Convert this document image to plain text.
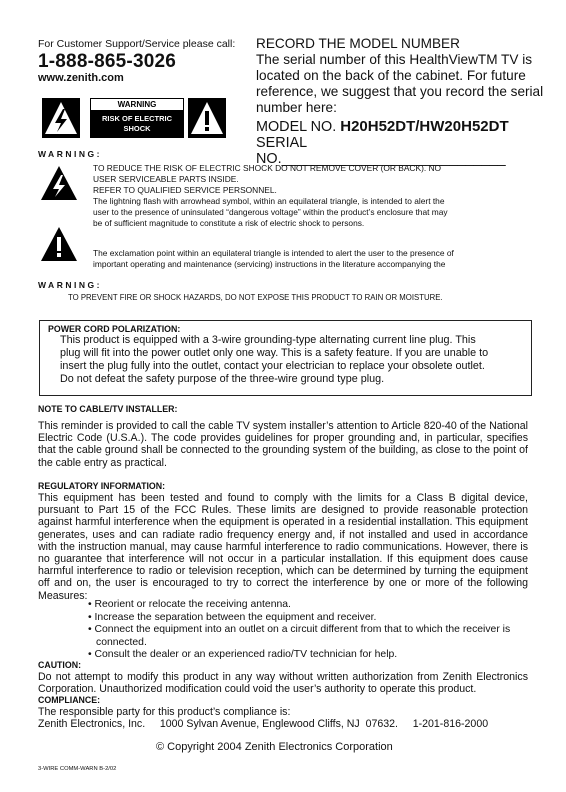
For Customer Support/Service please call:
1-888-865-3026
www.zenith.com
WARNING
RISK OF ELECTRIC
SHOCK
RECORD THE MODEL NUMBER
The serial number of this HealthViewTM TV is located on the back of the cabinet. For future reference, we suggest that you record the serial number here:
MODEL NO. H20H52DT/HW20H52DT
SERIAL NO.____________________________
WARNING:
TO REDUCE THE RISK OF ELECTRIC SHOCK DO NOT REMOVE COVER (OR BACK). NO
USER SERVICEABLE PARTS INSIDE.
REFER TO QUALIFIED SERVICE PERSONNEL.
The lightning flash with arrowhead symbol, within an equilateral triangle, is intended to alert the
user to the presence of uninsulated “dangerous voltage” within the product’s enclosure that may
be of sufficient magnitude to constitute a risk of electric shock to persons.
The exclamation point within an equilateral triangle is intended to alert the user to the presence of
important operating and maintenance (servicing) instructions in the literature accompanying the
WARNING:
TO PREVENT FIRE OR SHOCK HAZARDS, DO NOT EXPOSE THIS PRODUCT TO RAIN OR MOISTURE.
POWER CORD POLARIZATION:
This product is equipped with a 3-wire grounding-type alternating current line plug. This
plug will fit into the power outlet only one way. This is a safety feature. If you are unable to
insert the plug fully into the outlet, contact your electrician to replace your obsolete outlet.
Do not defeat the safety purpose of the three-wire ground type plug.
NOTE TO CABLE/TV INSTALLER:
This reminder is provided to call the cable TV system installer’s attention to Article 820-40 of the National Electric Code (U.S.A.). The code provides guidelines for proper grounding and, in particular, specifies that the cable ground shall be connected to the grounding system of the building, as close to the point of the cable entry as practical.
REGULATORY INFORMATION:
This equipment has been tested and found to comply with the limits for a Class B digital device, pursuant to Part 15 of the FCC Rules. These limits are designed to provide reasonable protection against harmful interference when the equipment is operated in a residential installation. This equipment generates, uses and can radiate radio frequency energy and, if not installed and used in accordance with the instruction manual, may cause harmful interference to radio communications. However, there is no guarantee that interference will not occur in a particular installation. If this equipment does cause harmful interference to radio or television reception, which can be determined by turning the equipment off and on, the user is encouraged to try to correct the interference by one or more of the following Measures:
• Reorient or relocate the receiving antenna.
• Increase the separation between the equipment and receiver.
• Connect the equipment into an outlet on a circuit different from that to which the receiver is connected.
• Consult the dealer or an experienced radio/TV technician for help.
CAUTION:
Do not attempt to modify this product in any way without written authorization from Zenith Electronics Corporation. Unauthorized modification could void the user’s authority to operate this product.
COMPLIANCE:
The responsible party for this product’s compliance is:
Zenith Electronics, Inc.     1000 Sylvan Avenue, Englewood Cliffs, NJ  07632.     1-201-816-2000
© Copyright 2004 Zenith Electronics Corporation
3-WIRE COMM-WARN B-2/02
